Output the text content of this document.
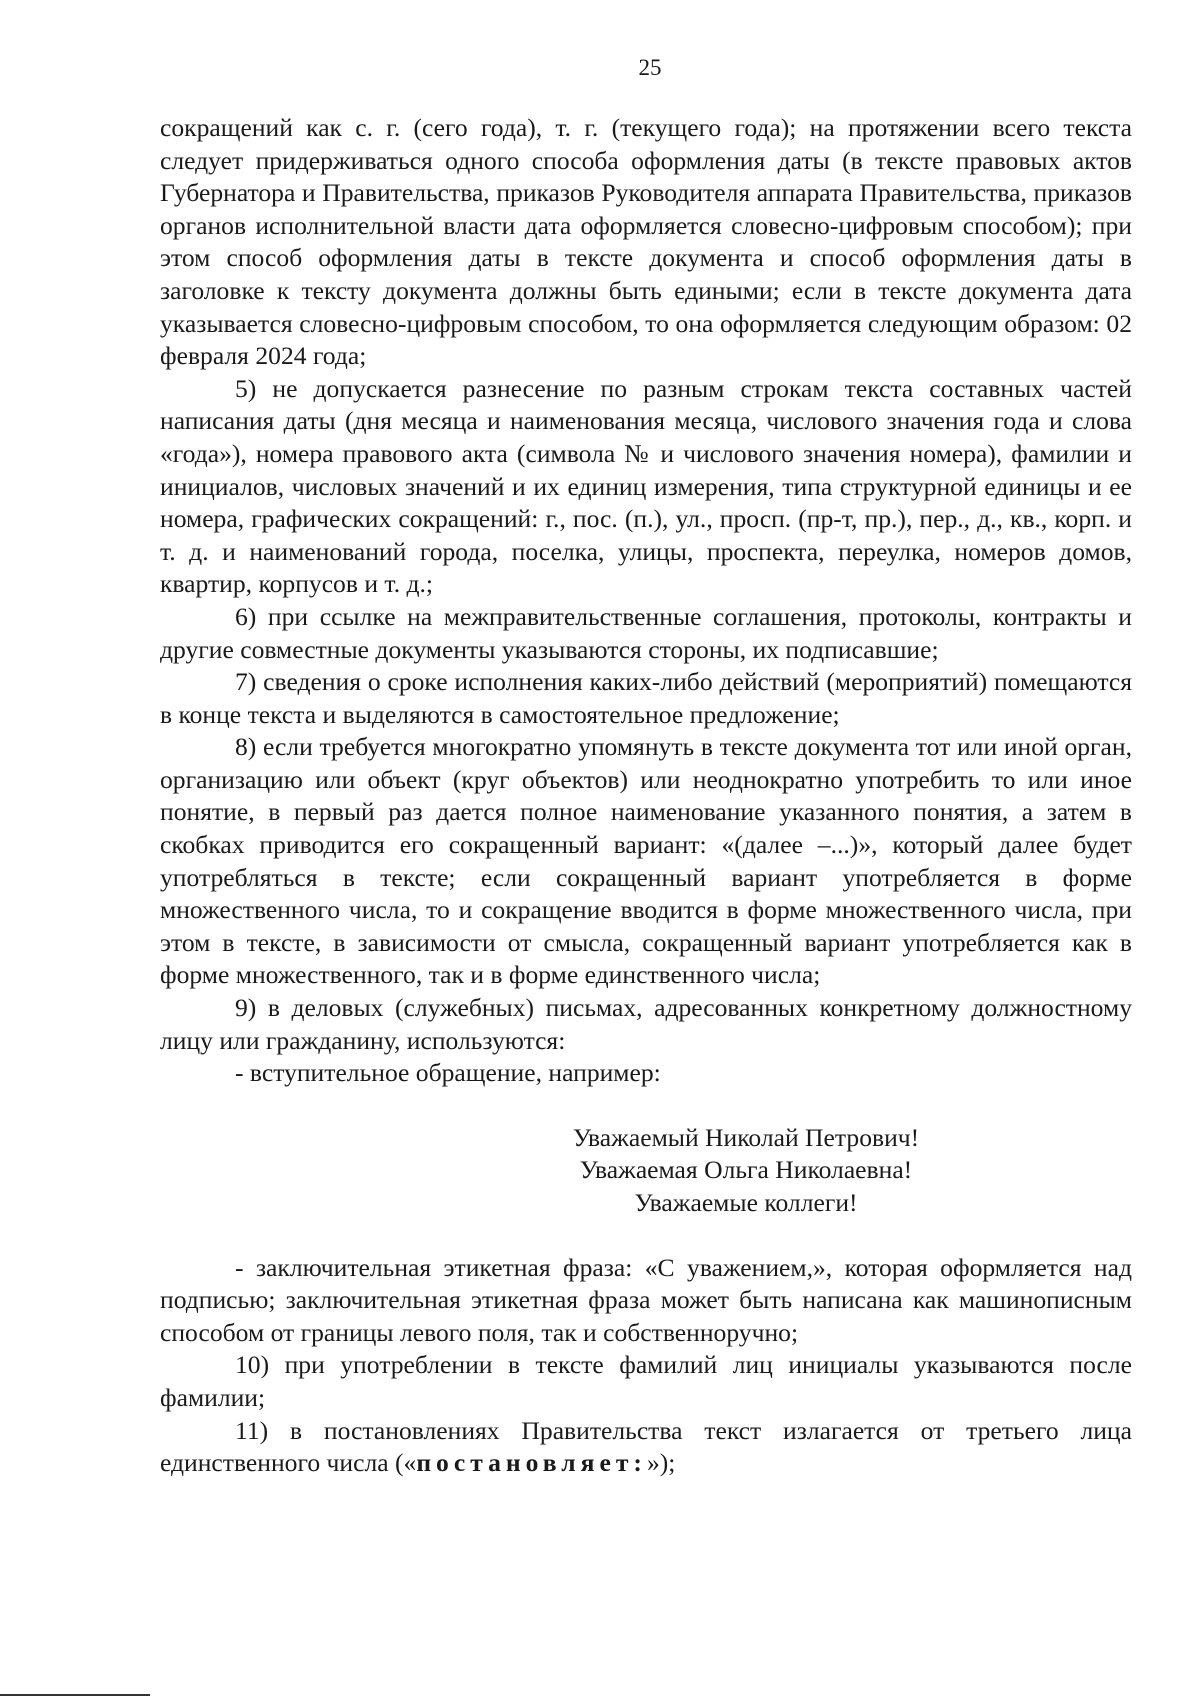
25

сокращений как с. г. (сего года), т. г. (текущего года); на протяжении всего текста следует придерживаться одного способа оформления даты (в тексте правовых актов Губернатора и Правительства, приказов Руководителя аппарата Правительства, приказов органов исполнительной власти дата оформляется словесно-цифровым способом); при этом способ оформления даты в тексте документа и способ оформления даты в заголовке к тексту документа должны быть едиными; если в тексте документа дата указывается словесно-цифровым способом, то она оформляется следующим образом: 02 февраля 2024 года;

5) не допускается разнесение по разным строкам текста составных частей написания даты (дня месяца и наименования месяца, числового значения года и слова «года»), номера правового акта (символа № и числового значения номера), фамилии и инициалов, числовых значений и их единиц измерения, типа структурной единицы и ее номера, графических сокращений: г., пос. (п.), ул., просп. (пр-т, пр.), пер., д., кв., корп. и т. д. и наименований города, поселка, улицы, проспекта, переулка, номеров домов, квартир, корпусов и т. д.;

6) при ссылке на межправительственные соглашения, протоколы, контракты и другие совместные документы указываются стороны, их подписавшие;

7) сведения о сроке исполнения каких-либо действий (мероприятий) помещаются в конце текста и выделяются в самостоятельное предложение;

8) если требуется многократно упомянуть в тексте документа тот или иной орган, организацию или объект (круг объектов) или неоднократно употребить то или иное понятие, в первый раз дается полное наименование указанного понятия, а затем в скобках приводится его сокращенный вариант: «(далее –...)», который далее будет употребляться в тексте; если сокращенный вариант употребляется в форме множественного числа, то и сокращение вводится в форме множественного числа, при этом в тексте, в зависимости от смысла, сокращенный вариант употребляется как в форме множественного, так и в форме единственного числа;

9) в деловых (служебных) письмах, адресованных конкретному должностному лицу или гражданину, используются:

- вступительное обращение, например:

Уважаемый Николай Петрович!
Уважаемая Ольга Николаевна!
Уважаемые коллеги!

- заключительная этикетная фраза: «С уважением,», которая оформляется над подписью; заключительная этикетная фраза может быть написана как машинописным способом от границы левого поля, так и собственноручно;

10) при употреблении в тексте фамилий лиц инициалы указываются после фамилии;

11) в постановлениях Правительства текст излагается от третьего лица единственного числа («постановляет:»);
